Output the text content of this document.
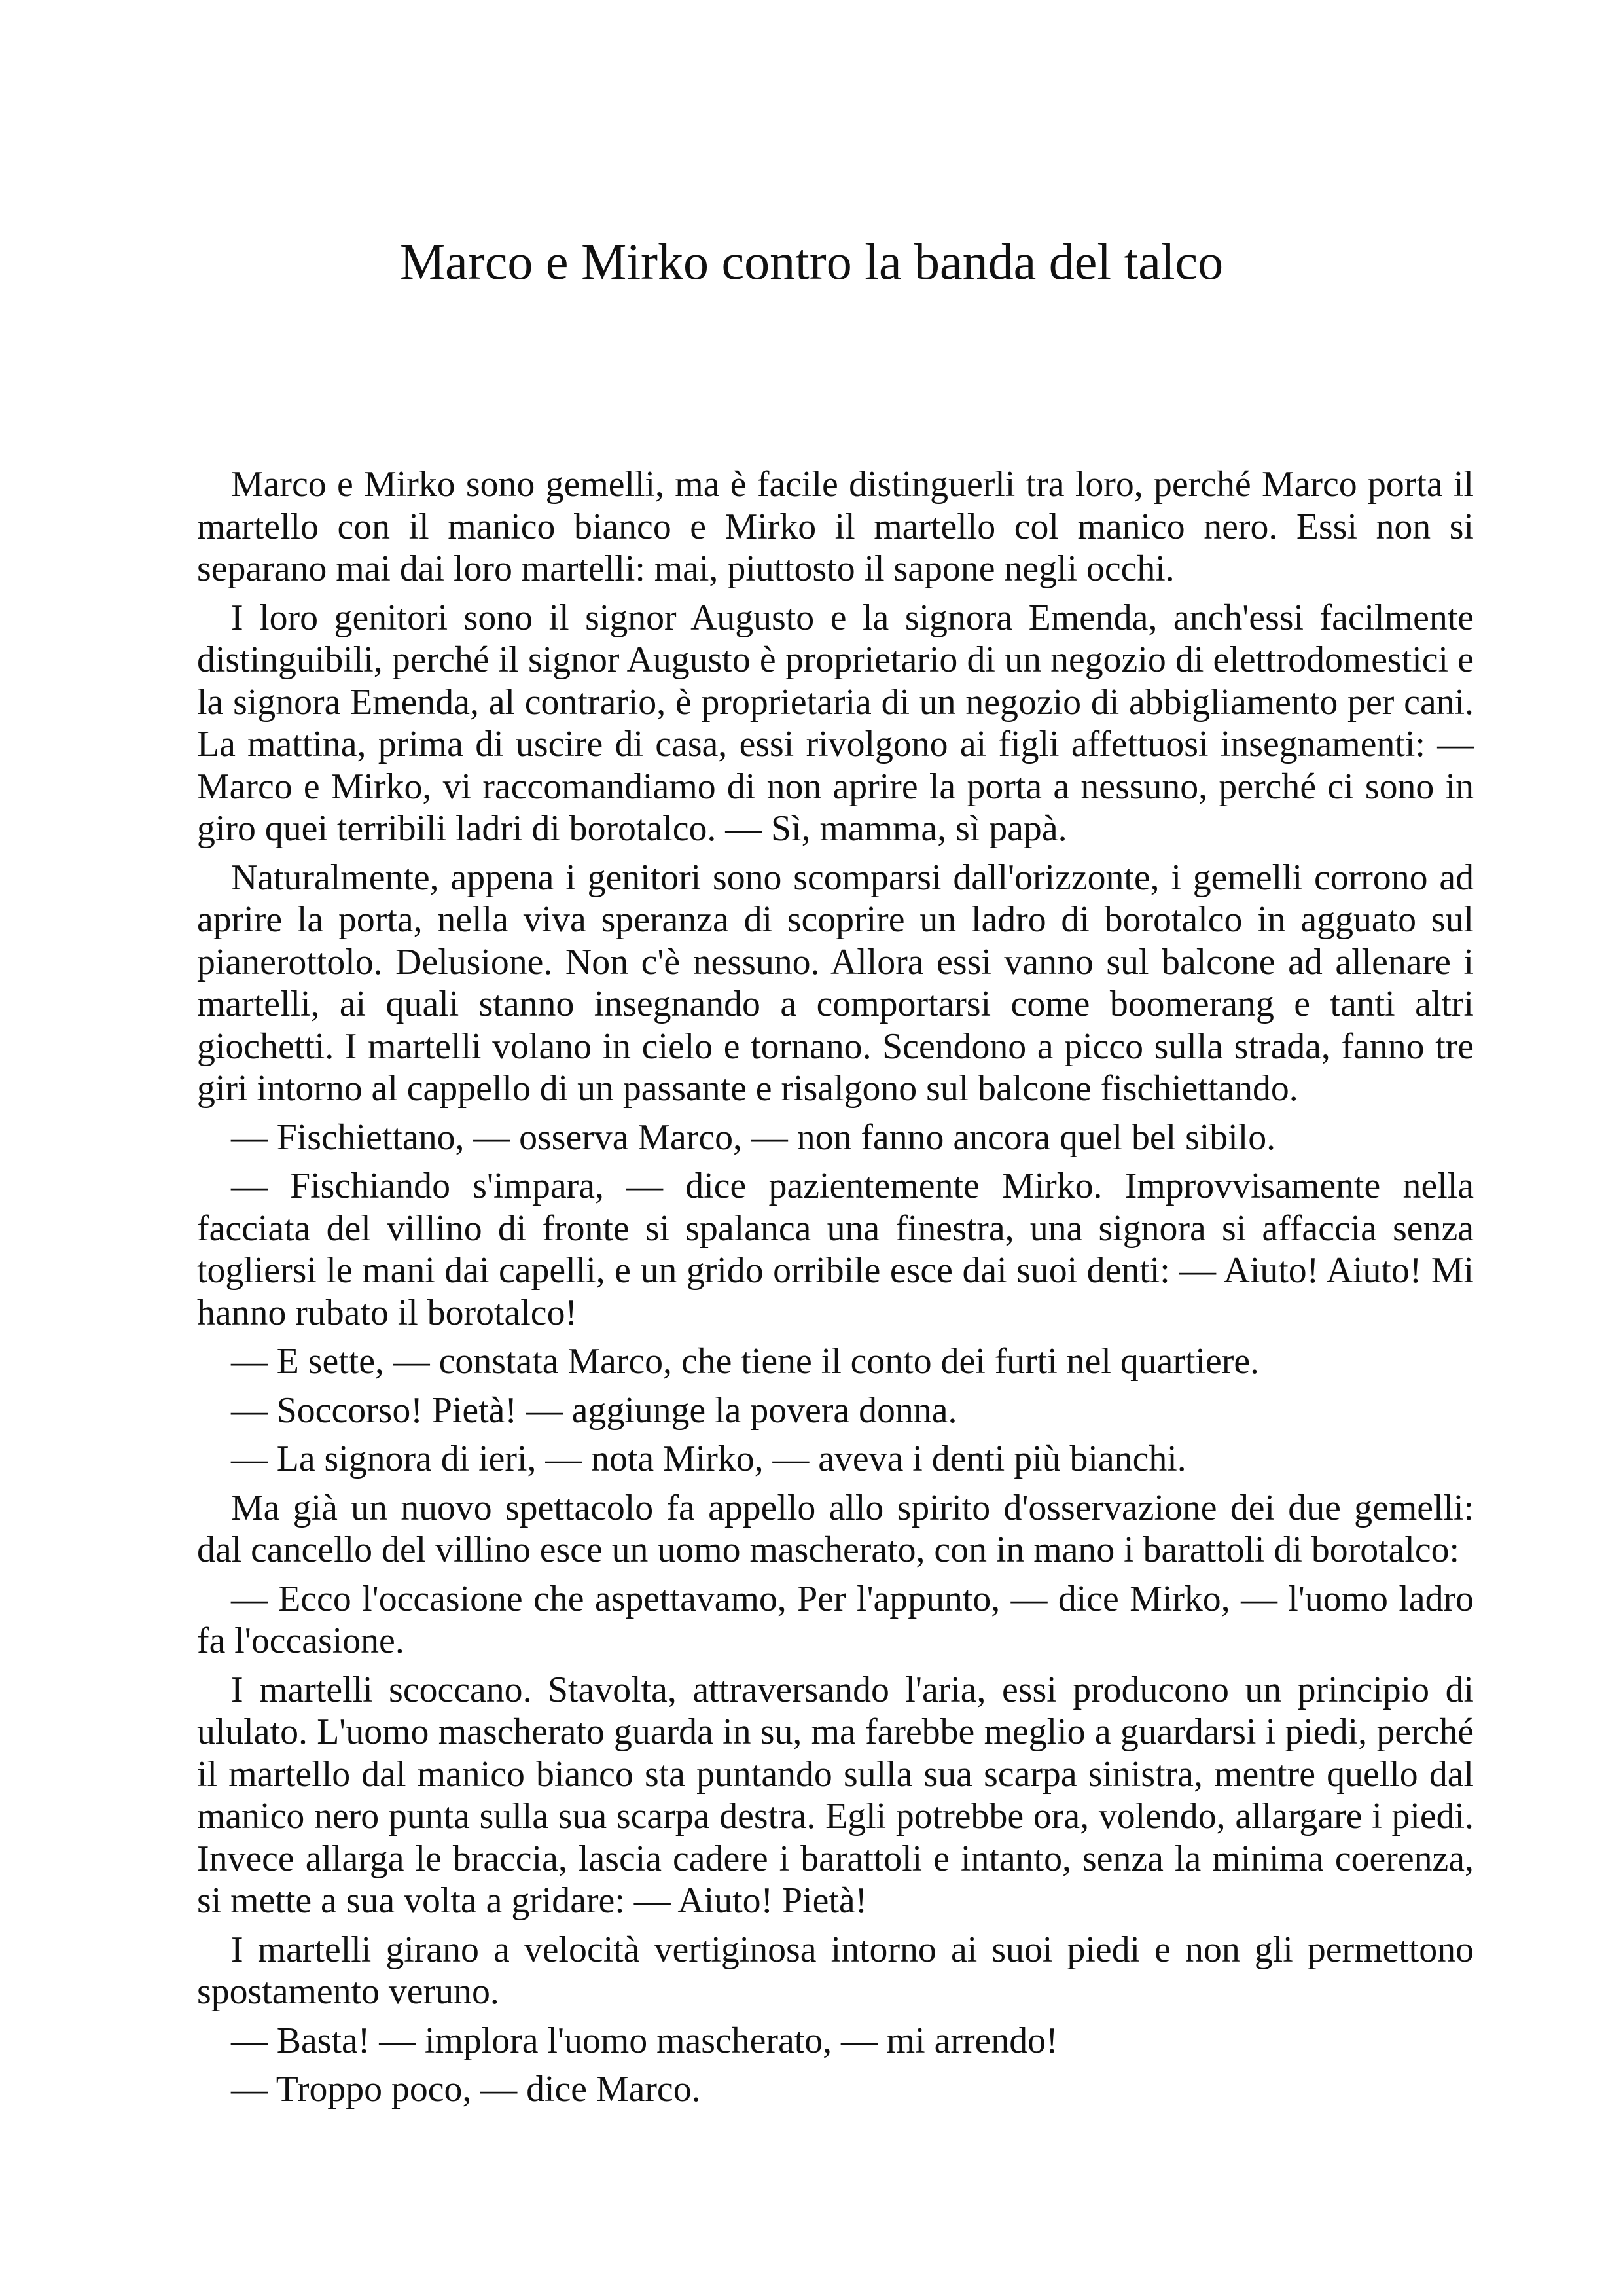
Marco e Mirko contro la banda del talco

Marco e Mirko sono gemelli, ma è facile distinguerli tra loro, perché Marco porta il martello con il manico bianco e Mirko il martello col manico nero. Essi non si separano mai dai loro martelli: mai, piuttosto il sapone negli occhi.

I loro genitori sono il signor Augusto e la signora Emenda, anch'essi facilmente distinguibili, perché il signor Augusto è proprietario di un negozio di elettrodomestici e la signora Emenda, al contrario, è proprietaria di un negozio di abbigliamento per cani. La mattina, prima di uscire di casa, essi rivolgono ai figli affettuosi insegnamenti: — Marco e Mirko, vi raccomandiamo di non aprire la porta a nessuno, perché ci sono in giro quei terribili ladri di borotalco. — Sì, mamma, sì papà.

Naturalmente, appena i genitori sono scomparsi dall'orizzonte, i gemelli corrono ad aprire la porta, nella viva speranza di scoprire un ladro di borotalco in agguato sul pianerottolo. Delusione. Non c'è nessuno. Allora essi vanno sul balcone ad allenare i martelli, ai quali stanno insegnando a comportarsi come boomerang e tanti altri giochetti. I martelli volano in cielo e tornano. Scendono a picco sulla strada, fanno tre giri intorno al cappello di un passante e risalgono sul balcone fischiettando.

— Fischiettano, — osserva Marco, — non fanno ancora quel bel sibilo.

— Fischiando s'impara, — dice pazientemente Mirko. Improvvisamente nella facciata del villino di fronte si spalanca una finestra, una signora si affaccia senza togliersi le mani dai capelli, e un grido orribile esce dai suoi denti: — Aiuto! Aiuto! Mi hanno rubato il borotalco!

— E sette, — constata Marco, che tiene il conto dei furti nel quartiere.

— Soccorso! Pietà! — aggiunge la povera donna.

— La signora di ieri, — nota Mirko, — aveva i denti più bianchi.

Ma già un nuovo spettacolo fa appello allo spirito d'osservazione dei due gemelli: dal cancello del villino esce un uomo mascherato, con in mano i barattoli di borotalco:

— Ecco l'occasione che aspettavamo, Per l'appunto, — dice Mirko, — l'uomo ladro fa l'occasione.

I martelli scoccano. Stavolta, attraversando l'aria, essi producono un principio di ululato. L'uomo mascherato guarda in su, ma farebbe meglio a guardarsi i piedi, perché il martello dal manico bianco sta puntando sulla sua scarpa sinistra, mentre quello dal manico nero punta sulla sua scarpa destra. Egli potrebbe ora, volendo, allargare i piedi. Invece allarga le braccia, lascia cadere i barattoli e intanto, senza la minima coerenza, si mette a sua volta a gridare: — Aiuto! Pietà!

I martelli girano a velocità vertiginosa intorno ai suoi piedi e non gli permettono spostamento veruno.

— Basta! — implora l'uomo mascherato, — mi arrendo!

— Troppo poco, — dice Marco.
